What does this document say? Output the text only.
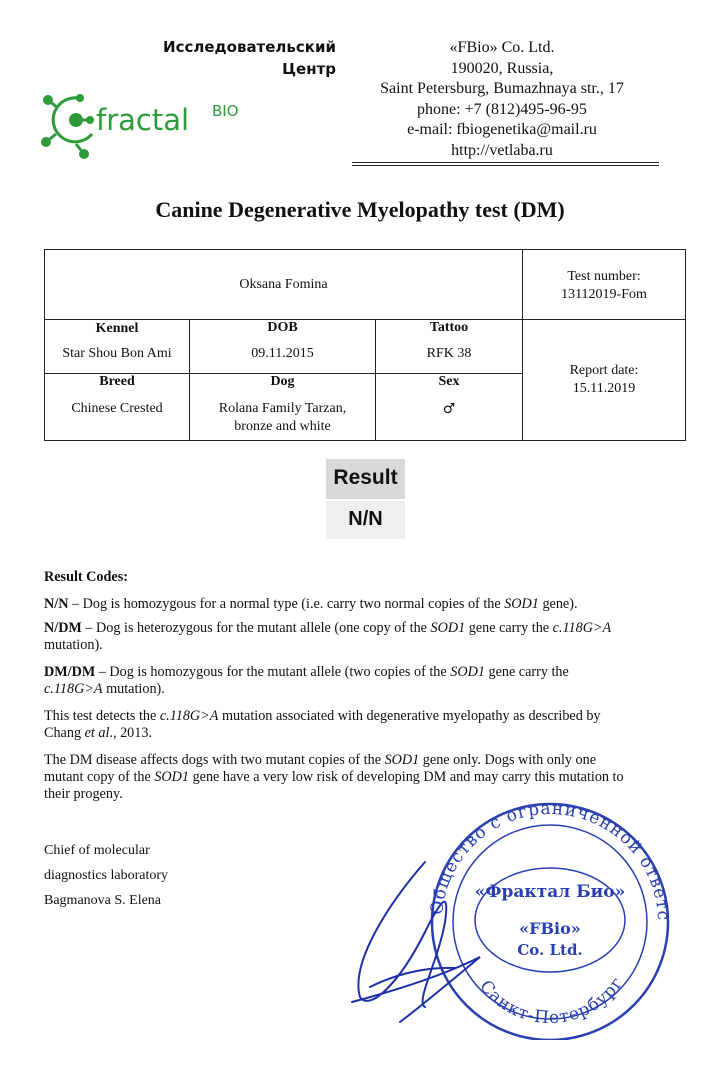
Исследовательский
Центр
fractal BIO
«FBio» Co. Ltd.
190020, Russia,
Saint Petersburg, Bumazhnaya str., 17
phone: +7 (812)495-96-95
e-mail: fbiogenetika@mail.ru
http://vetlaba.ru
Canine Degenerative Myelopathy test (DM)
Oksana Fomina
Test number:
13112019-Fom
Kennel
Star Shou Bon Ami
DOB
09.11.2015
Tattoo
RFK 38
Report date:
15.11.2019
Breed
Chinese Crested
Dog
Rolana Family Tarzan,
bronze and white
Sex
♂
Result
N/N
Result Codes:
N/N – Dog is homozygous for a normal type (i.e. carry two normal copies of the SOD1 gene).
N/DM – Dog is heterozygous for the mutant allele (one copy of the SOD1 gene carry the c.118G>A
mutation).
DM/DM – Dog is homozygous for the mutant allele (two copies of the SOD1 gene carry the
c.118G>A mutation).
This test detects the c.118G>A mutation associated with degenerative myelopathy as described by
Chang et al., 2013.
The DM disease affects dogs with two mutant copies of the SOD1 gene only. Dogs with only one
mutant copy of the SOD1 gene have a very low risk of developing DM and may carry this mutation to
their progeny.
Chief of molecular
diagnostics laboratory
Bagmanova S. Elena	Общество с ограниченной ответс
Санкт-Петербург
«Фрактал Био»
«FBio»
Co. Ltd.
